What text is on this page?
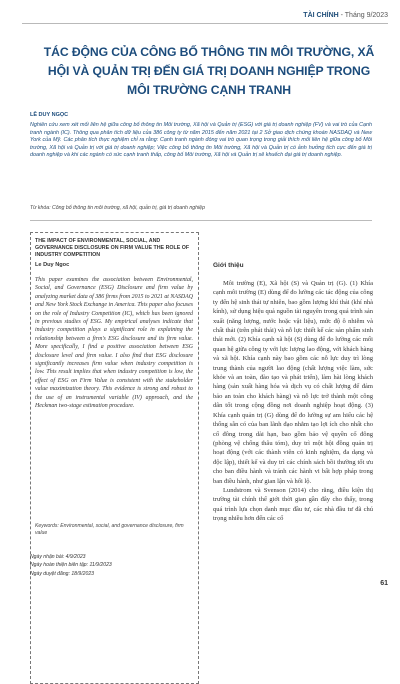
TÀI CHÍNH - Tháng 9/2023
TÁC ĐỘNG CỦA CÔNG BỐ THÔNG TIN MÔI TRƯỜNG, XÃ HỘI VÀ QUẢN TRỊ ĐẾN GIÁ TRỊ DOANH NGHIỆP TRONG MÔI TRƯỜNG CẠNH TRANH
LÊ DUY NGỌC
Nghiên cứu xem xét mối liên hệ giữa công bố thông tin Môi trường, Xã hội và Quản trị (ESG) với giá trị doanh nghiệp (FV) và vai trò của Cạnh tranh ngành (IC). Thông qua phân tích dữ liệu của 386 công ty từ năm 2015 đến năm 2021 tại 2 Sở giao dịch chứng khoán NASDAQ và New York của Mỹ. Các phân tích thực nghiệm chỉ ra rằng: Cạnh tranh ngành đóng vai trò quan trọng trong giải thích mối liên hệ giữa công bố Môi trường, Xã hội và Quản trị với giá trị doanh nghiệp; Việc công bố thông tin Môi trường, Xã hội và Quản trị có ảnh hưởng tích cực đến giá trị doanh nghiệp và khi các ngành có sức cạnh tranh thấp, công bố Môi trường, Xã hội và Quản trị sẽ khuếch đại giá trị doanh nghiệp.
Từ khóa: Công bố thông tin môi trường, xã hội, quản trị, giá trị doanh nghiệp
THE IMPACT OF ENVIRONMENTAL, SOCIAL, AND GOVERNANCE DISCLOSURE ON FIRM VALUE THE ROLE OF INDUSTRY COMPETITION
Le Duy Ngoc
This paper examines the association between Environmental, Social, and Governance (ESG) Disclosure and firm value by analyzing market data of 386 firms from 2015 to 2021 at NASDAQ and New York Stock Exchange in America. This paper also focuses on the role of Industry Competition (IC), which has been ignored in previous studies of ESG. My empirical analyses indicate that industry competition plays a significant role in explaining the relationship between a firm's ESG disclosure and its firm value. More specifically, I find a positive association between ESG disclosure level and firm value. I also find that ESG disclosure significantly increases firm value when industry competition is low. This result implies that when industry competition is low, the effect of ESG on Firm Value is consistent with the stakeholder value maximization theory. This evidence is strong and robust to the use of an instrumental variable (IV) approach, and the Heckman two-stage estimation procedure.
Keywords: Environmental, social, and governance disclosure, firm value
Ngày nhận bài: 4/9/2023
Ngày hoàn thiện biên tập: 11/9/2023
Ngày duyệt đăng: 18/9/2023
Giới thiệu

Môi trường (E), Xã hội (S) và Quản trị (G). (1) Khía cạnh môi trường (E) dùng để đo lường các tác động của công ty đến hệ sinh thái tự nhiên, bao gồm lượng khí thải (khí nhà kính), sử dụng hiệu quả nguồn tài nguyên trong quá trình sản xuất (năng lượng, nước hoặc vật liệu), mức độ ô nhiễm và chất thải (trên phát thải) và nỗ lực thiết kế các sản phẩm sinh thái mới. (2) Khía cạnh xã hội (S) dùng để đo lường các mối quan hệ giữa công ty với lực lượng lao động, với khách hàng và xã hội. Khía cạnh này bao gồm các nỗ lực duy trì lòng trung thành của người lao động (chất lượng việc làm, sức khỏe và an toàn, đào tạo và phát triển), làm hài lòng khách hàng (sản xuất hàng hóa và dịch vụ có chất lượng để đảm bảo an toàn cho khách hàng) và nỗ lực trở thành một công dân tốt trong cộng đồng nơi doanh nghiệp hoạt động. (3) Khía cạnh quản trị (G) dùng để đo lường sự am hiểu các hệ thống sẵn có của ban lãnh đạo nhằm tạo lợi ích cho nhất cho cổ đông trong dài hạn, bao gồm bảo vệ quyền cổ đông (phòng vệ chống thâu tóm), duy trì một hội đồng quản trị hoạt động (với các thành viên có kinh nghiệm, đa dạng và độc lập), thiết kế và duy trì các chính sách bồi thường tốt ưu cho ban điều hành và tránh các hành vi bất hợp pháp trong ban điều hành, như gian lận và hối lộ.

Lundstrom và Svenson (2014) cho rằng, điều kiện thị trường tài chính thế giới thời gian gần đây cho thấy, trong quá trình lựa chọn danh mục đầu tư, các nhà đầu tư đã chú trọng nhiều hơn đến các cổ

61
